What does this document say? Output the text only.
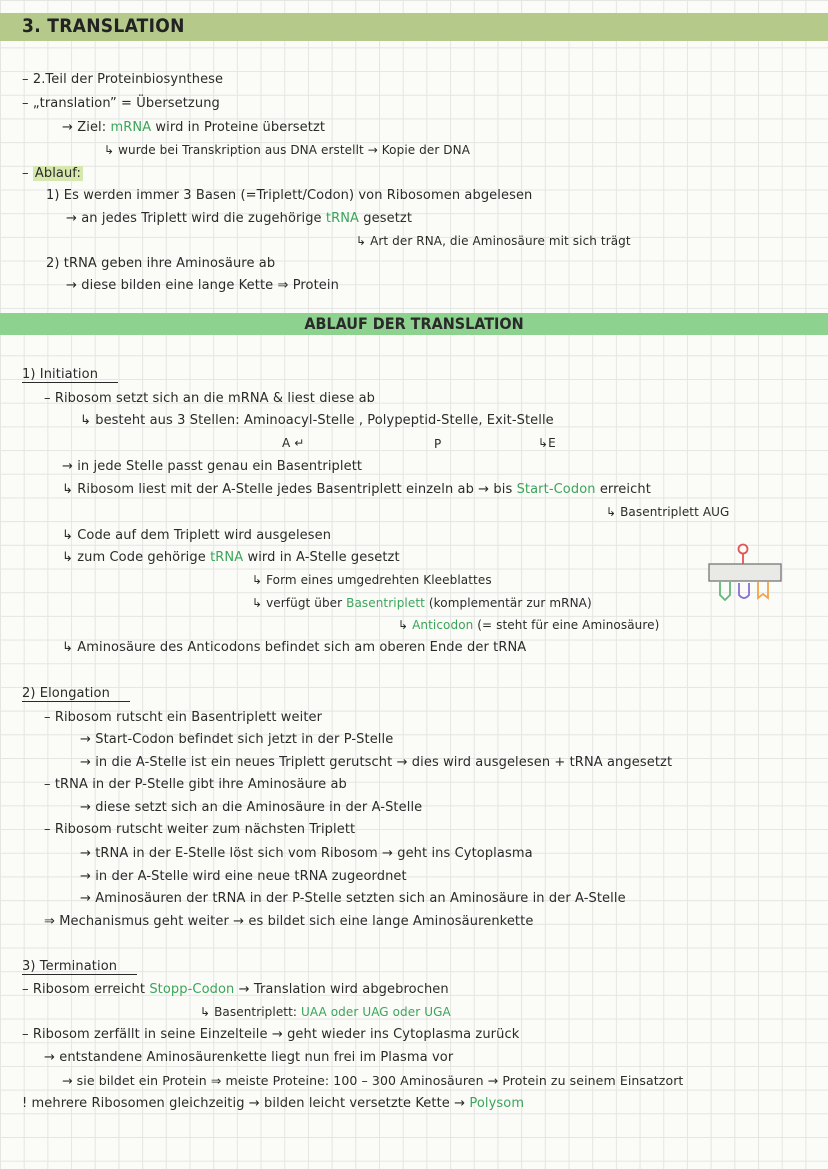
3. TRANSLATION
– 2.Teil der Proteinbiosynthese
– „translation” = Übersetzung
→ Ziel: mRNA wird in Proteine übersetzt
↳ wurde bei Transkription aus DNA erstellt → Kopie der DNA
– Ablauf:
1) Es werden immer 3 Basen (=Triplett/Codon) von Ribosomen abgelesen
→ an jedes Triplett wird die zugehörige tRNA gesetzt
↳ Art der RNA, die Aminosäure mit sich trägt
2) tRNA geben ihre Aminosäure ab
→ diese bilden eine lange Kette ⇒ Protein
ABLAUF DER TRANSLATION
1) Initiation
– Ribosom setzt sich an die mRNA & liest diese ab
↳ besteht aus 3 Stellen: Aminoacyl-Stelle , Polypeptid-Stelle, Exit-Stelle
A ↵	P	↳E
→ in jede Stelle passt genau ein Basentriplett
↳ Ribosom liest mit der A-Stelle jedes Basentriplett einzeln ab → bis Start-Codon erreicht
↳ Basentriplett AUG
↳ Code auf dem Triplett wird ausgelesen
↳ zum Code gehörige tRNA wird in A-Stelle gesetzt
↳ Form eines umgedrehten Kleeblattes
↳ verfügt über Basentriplett (komplementär zur mRNA)
↳ Anticodon (= steht für eine Aminosäure)
↳ Aminosäure des Anticodons befindet sich am oberen Ende der tRNA
2) Elongation
– Ribosom rutscht ein Basentriplett weiter
→ Start-Codon befindet sich jetzt in der P-Stelle
→ in die A-Stelle ist ein neues Triplett gerutscht → dies wird ausgelesen + tRNA angesetzt
– tRNA in der P-Stelle gibt ihre Aminosäure ab
→ diese setzt sich an die Aminosäure in der A-Stelle
– Ribosom rutscht weiter zum nächsten Triplett
→ tRNA in der E-Stelle löst sich vom Ribosom → geht ins Cytoplasma
→ in der A-Stelle wird eine neue tRNA zugeordnet
→ Aminosäuren der tRNA in der P-Stelle setzten sich an Aminosäure in der A-Stelle
⇒ Mechanismus geht weiter → es bildet sich eine lange Aminosäurenkette
3) Termination
– Ribosom erreicht Stopp-Codon → Translation wird abgebrochen
↳ Basentriplett: UAA oder UAG oder UGA
– Ribosom zerfällt in seine Einzelteile → geht wieder ins Cytoplasma zurück
→ entstandene Aminosäurenkette liegt nun frei im Plasma vor
→ sie bildet ein Protein ⇒ meiste Proteine: 100 – 300 Aminosäuren → Protein zu seinem Einsatzort
! mehrere Ribosomen gleichzeitig → bilden leicht versetzte Kette → Polysom
